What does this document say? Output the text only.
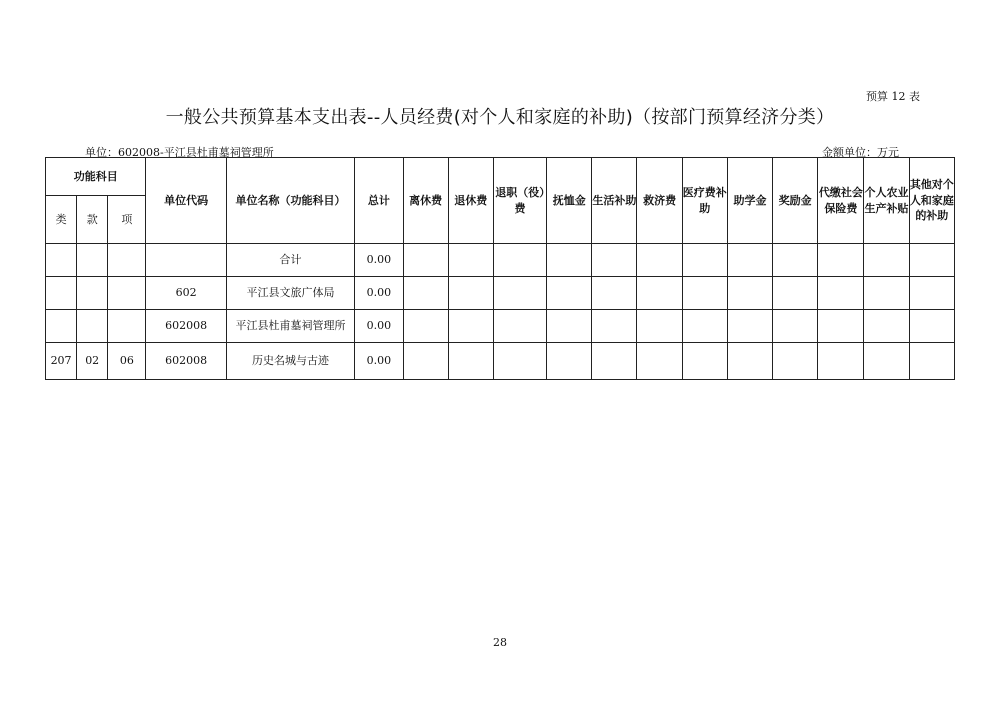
预算 12 表
一般公共预算基本支出表--人员经费(对个人和家庭的补助)（按部门预算经济分类）
单位：602008-平江县杜甫墓祠管理所	金额单位：万元
功能科目			单位代码	单位名称（功能科目）	总计	离休费	退休费	退职（役）费	抚恤金	生活补助	救济费	医疗费补助	助学金	奖励金	代缴社会保险费	个人农业生产补贴	其他对个人和家庭的补助
类	款	项															
				合计	0.00												
			602	平江县文旅广体局	0.00												
			602008	平江县杜甫墓祠管理所	0.00												
207	02	06	602008	历史名城与古迹	0.00												
28
